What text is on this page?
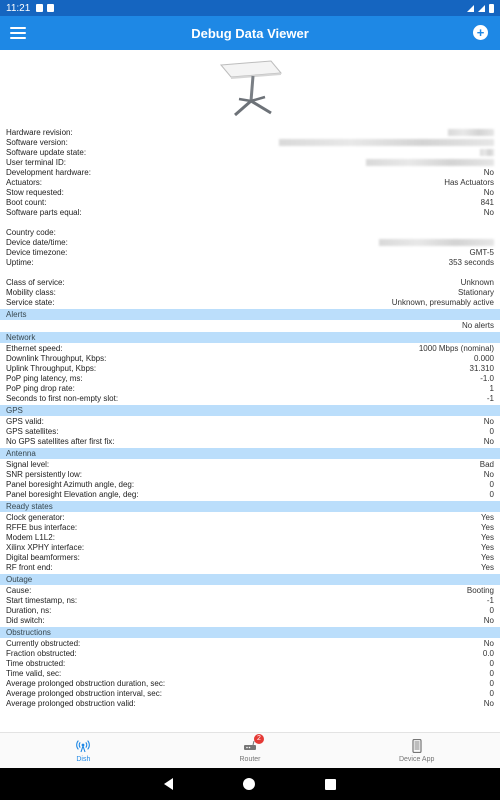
11:21
Debug Data Viewer	+
Hardware revision:
Software version:
Software update state:
User terminal ID:
Development hardware:	No
Actuators:	Has Actuators
Stow requested:	No
Boot count:	841
Software parts equal:	No
Country code:
Device date/time:
Device timezone:	GMT-5
Uptime:	353 seconds
Class of service:	Unknown
Mobility class:	Stationary
Service state:	Unknown, presumably active
Alerts
No alerts
Network
Ethernet speed:	1000 Mbps (nominal)
Downlink Throughput, Kbps:	0.000
Uplink Throughput, Kbps:	31.310
PoP ping latency, ms:	-1.0
PoP ping drop rate:	1
Seconds to first non-empty slot:	-1
GPS
GPS valid:	No
GPS satellites:	0
No GPS satellites after first fix:	No
Antenna
Signal level:	Bad
SNR persistently low:	No
Panel boresight Azimuth angle, deg:	0
Panel boresight Elevation angle, deg:	0
Ready states
Clock generator:	Yes
RFFE bus interface:	Yes
Modem L1L2:	Yes
Xilinx XPHY interface:	Yes
Digital beamformers:	Yes
RF front end:	Yes
Outage
Cause:	Booting
Start timestamp, ns:	-1
Duration, ns:	0
Did switch:	No
Obstructions
Currently obstructed:	No
Fraction obstructed:	0.0
Time obstructed:	0
Time valid, sec:	0
Average prolonged obstruction duration, sec:	0
Average prolonged obstruction interval, sec:	0
Average prolonged obstruction valid:	No
Dish
2
Router	Device App
